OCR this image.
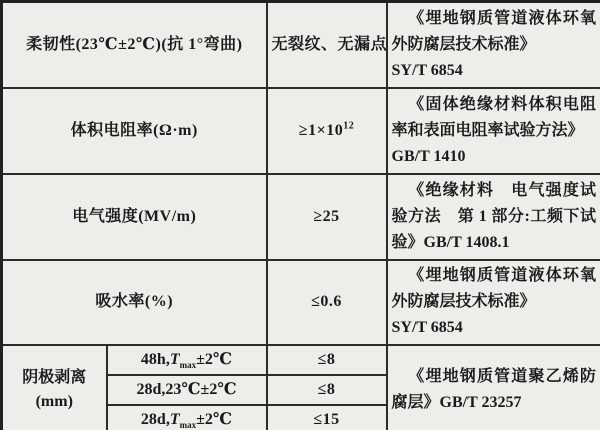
柔韧性(23℃±2℃)(抗 1°弯曲)		无裂纹、无漏点	《埋地钢质管道液体环氧外防腐层技术标准》
SY/T 6854

体积电阻率(Ω·m)		$\ge 1\times 10^{12}$	《固体绝缘材料体积电阻率和表面电阻率试验方法》
GB/T 1410

电气强度(MV/m)		≥25	《绝缘材料　电气强度试验方法　第 1 部分:工频下试验》GB/T 1408.1

吸水率(%)		≤0.6	《埋地钢质管道液体环氧外防腐层技术标准》
SY/T 6854

阴极剥离
(mm)	$48h,T_{max}\pm 2℃$	≤8	《埋地钢质管道聚乙烯防腐层》GB/T 23257

	28d,23℃±2℃	≤8	
	$28d,T_{max}\pm 2℃$	≤15	
